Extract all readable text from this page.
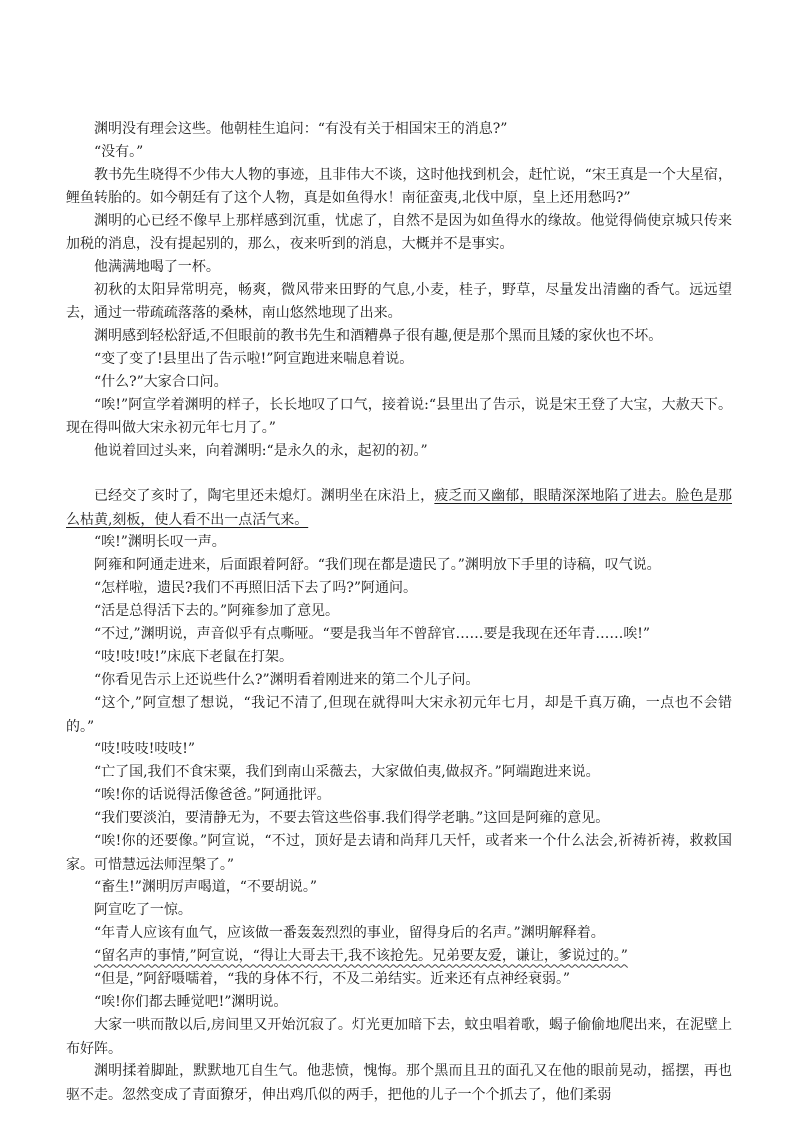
渊明没有理会这些。他朝桂生追问：“有没有关于相国宋王的消息?”

“没有。”

教书先生晓得不少伟大人物的事迹，且非伟大不谈，这时他找到机会，赶忙说，“宋王真是一个大星宿，鲤鱼转胎的。如今朝廷有了这个人物，真是如鱼得水！南征蛮夷,北伐中原，皇上还用愁吗?”

渊明的心已经不像早上那样感到沉重，忧虑了，自然不是因为如鱼得水的缘故。他觉得倘使京城只传来加税的消息，没有提起别的，那么，夜来听到的消息，大概并不是事实。

他满满地喝了一杯。

初秋的太阳异常明亮，畅爽，微风带来田野的气息,小麦，桂子，野草，尽量发出清幽的香气。远远望去，通过一带疏疏落落的桑林，南山悠然地现了出来。

渊明感到轻松舒适,不但眼前的教书先生和酒糟鼻子很有趣,便是那个黑而且矮的家伙也不坏。

“变了变了!县里出了告示啦!”阿宣跑进来喘息着说。

“什么?”大家合口问。

“唉!”阿宣学着渊明的样子，长长地叹了口气，接着说:“县里出了告示，说是宋王登了大宝，大赦天下。现在得叫做大宋永初元年七月了。”

他说着回过头来，向着渊明:“是永久的永，起初的初。”

已经交了亥时了，陶宅里还未熄灯。渊明坐在床沿上，疲乏而又幽郁，眼睛深深地陷了进去。脸色是那么枯黄,刻板，使人看不出一点活气来。

“唉!”渊明长叹一声。

阿雍和阿通走进来，后面跟着阿舒。“我们现在都是遗民了。”渊明放下手里的诗稿，叹气说。

“怎样啦，遗民?我们不再照旧活下去了吗?”阿通问。

“活是总得活下去的。”阿雍参加了意见。

“不过,”渊明说，声音似乎有点嘶哑。“要是我当年不曾辞官……要是我现在还年青……唉!”

“吱!吱!吱!”床底下老鼠在打架。

“你看见告示上还说些什么?”渊明看着刚进来的第二个儿子问。

“这个,”阿宣想了想说，“我记不清了,但现在就得叫大宋永初元年七月，却是千真万确，一点也不会错的。”

“吱!吱吱!吱吱!”

“亡了国,我们不食宋粟，我们到南山采薇去，大家做伯夷,做叔齐。”阿端跑进来说。

“唉!你的话说得活像爸爸。”阿通批评。

“我们要淡泊，要清静无为，不要去管这些俗事.我们得学老聃。”这回是阿雍的意见。

“唉!你的还要像。”阿宣说，“不过，顶好是去请和尚拜几天忏，或者来一个什么法会,祈祷祈祷，救救国家。可惜慧远法师涅槃了。”

“畜生!”渊明厉声喝道，“不要胡说。”

阿宣吃了一惊。

“年青人应该有血气，应该做一番轰轰烈烈的事业，留得身后的名声。”渊明解释着。

“留名声的事情,”阿宣说，“得让大哥去干,我不该抢先。兄弟要友爱，谦让，爹说过的。”

“但是，”阿舒嗫嚅着，“我的身体不行，不及二弟结实。近来还有点神经衰弱。”

“唉!你们都去睡觉吧!”渊明说。

大家一哄而散以后,房间里又开始沉寂了。灯光更加暗下去，蚊虫唱着歌，蝎子偷偷地爬出来，在泥壁上布好阵。

渊明揉着脚趾，默默地兀自生气。他悲愤，愧悔。那个黑而且丑的面孔又在他的眼前晃动，摇摆，再也驱不走。忽然变成了青面獠牙，伸出鸡爪似的两手，把他的儿子一个个抓去了，他们柔弱
